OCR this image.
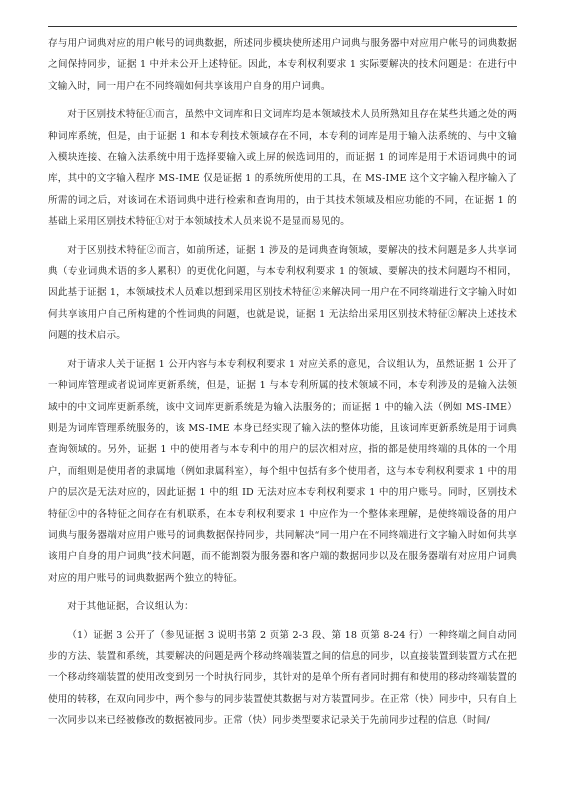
存与用户词典对应的用户帐号的词典数据，所述同步模块使所述用户词典与服务器中对应用户帐号的词典数据之间保持同步，证据 1 中并未公开上述特征。因此，本专利权利要求 1 实际要解决的技术问题是：在进行中文输入时，同一用户在不同终端如何共享该用户自身的用户词典。

对于区别技术特征①而言，虽然中文词库和日文词库均是本领域技术人员所熟知且存在某些共通之处的两种词库系统，但是，由于证据 1 和本专利技术领域存在不同，本专利的词库是用于输入法系统的、与中文输入模块连接、在输入法系统中用于选择要输入或上屏的候选词用的，而证据 1 的词库是用于术语词典中的词库，其中的文字输入程序 MS-IME 仅是证据 1 的系统所使用的工具，在 MS-IME 这个文字输入程序输入了所需的词之后，对该词在术语词典中进行检索和查询用的，由于其技术领域及相应功能的不同，在证据 1 的基础上采用区别技术特征①对于本领域技术人员来说不是显而易见的。

对于区别技术特征②而言，如前所述，证据 1 涉及的是词典查询领域，要解决的技术问题是多人共享词典（专业词典术语的多人累积）的更优化问题，与本专利权利要求 1 的领域、要解决的技术问题均不相同，因此基于证据 1，本领域技术人员难以想到采用区别技术特征②来解决同一用户在不同终端进行文字输入时如何共享该用户自己所构建的个性词典的问题，也就是说，证据 1 无法给出采用区别技术特征②解决上述技术问题的技术启示。

对于请求人关于证据 1 公开内容与本专利权利要求 1 对应关系的意见，合议组认为，虽然证据 1 公开了一种词库管理或者说词库更新系统，但是，证据 1 与本专利所属的技术领域不同，本专利涉及的是输入法领域中的中文词库更新系统，该中文词库更新系统是为输入法服务的；而证据 1 中的输入法（例如 MS-IME）则是为词库管理系统服务的，该 MS-IME 本身已经实现了输入法的整体功能，且该词库更新系统是用于词典查询领域的。另外，证据 1 中的使用者与本专利中的用户的层次相对应，指的都是使用终端的具体的一个用户，而组则是使用者的隶属地（例如隶属科室），每个组中包括有多个使用者，这与本专利权利要求 1 中的用户的层次是无法对应的，因此证据 1 中的组 ID 无法对应本专利权利要求 1 中的用户账号。同时，区别技术特征②中的各特征之间存在有机联系，在本专利权利要求 1 中应作为一个整体来理解，是使终端设备的用户词典与服务器端对应用户账号的词典数据保持同步，共同解决“同一用户在不同终端进行文字输入时如何共享该用户自身的用户词典”技术问题，而不能割裂为服务器和客户端的数据同步以及在服务器端有对应用户词典对应的用户账号的词典数据两个独立的特征。

对于其他证据，合议组认为：

（1）证据 3 公开了（参见证据 3 说明书第 2 页第 2-3 段、第 18 页第 8-24 行）一种终端之间自动同步的方法、装置和系统，其要解决的问题是两个移动终端装置之间的信息的同步，以直接装置到装置方式在把一个移动终端装置的使用改变到另一个时执行同步，其针对的是单个所有者同时拥有和使用的移动终端装置的使用的转移，在双向同步中，两个参与的同步装置使其数据与对方装置同步。在正常（快）同步中，只有自上一次同步以来已经被修改的数据被同步。正常（快）同步类型要求记录关于先前同步过程的信息（时间/
